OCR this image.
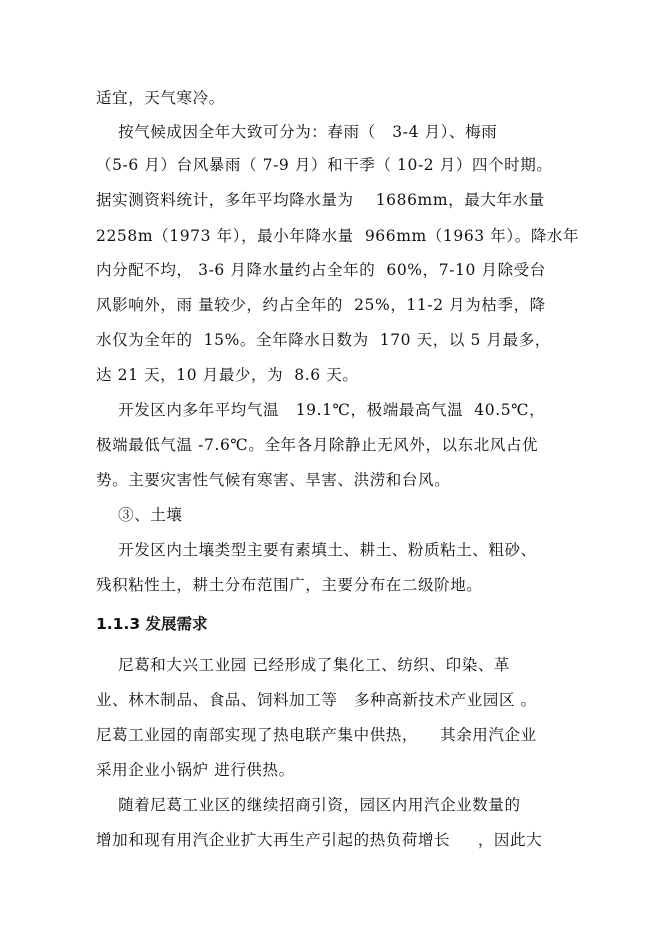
适宜，天气寒冷。
按气候成因全年大致可分为：春雨（   3-4 月）、梅雨
（5-6 月）台风暴雨（ 7-9 月）和干季（ 10-2 月）四个时期。
据实测资料统计，多年平均降水量为    1686mm，最大年水量
2258m（1973 年），最小年降水量  966mm（1963 年）。降水年
内分配不均， 3-6 月降水量约占全年的  60%，7-10 月除受台
风影响外，雨 量较少，约占全年的  25%，11-2 月为枯季，降
水仅为全年的  15%。全年降水日数为  170 天，以 5 月最多，
达 21 天，10 月最少，为  8.6 天。
开发区内多年平均气温   19.1℃，极端最高气温  40.5℃，
极端最低气温 -7.6℃。全年各月除静止无风外，以东北风占优
势。主要灾害性气候有寒害、旱害、洪涝和台风。
③、土壤
开发区内土壤类型主要有素填土、耕土、粉质粘土、粗砂、
残积粘性土，耕土分布范围广，主要分布在二级阶地。
1.1.3 发展需求
尼葛和大兴工业园 已经形成了集化工、纺织、印染、革
业、林木制品、食品、饲料加工等   多种高新技术产业园区 。
尼葛工业园的南部实现了热电联产集中供热，    其余用汽企业
采用企业小锅炉 进行供热。
随着尼葛工业区的继续招商引资，园区内用汽企业数量的
增加和现有用汽企业扩大再生产引起的热负荷增长     ，因此大
